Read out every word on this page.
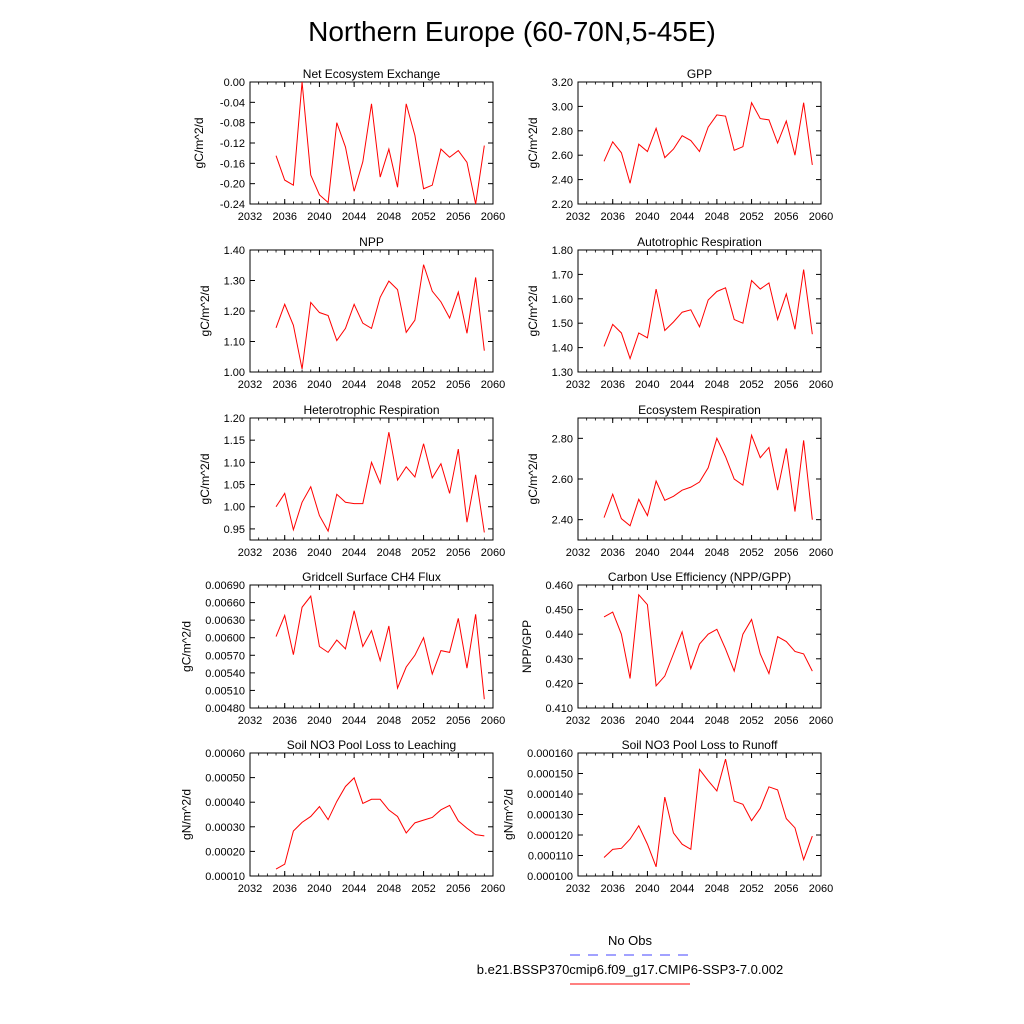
Northern Europe (60-70N,5-45E)
Net Ecosystem Exchange
2032 2036 2040 2044 2048 2052 2056 2060
0.00
-0.04
-0.08
-0.12
-0.16
-0.20
-0.24
gC/m^2/d
GPP
2032 2036 2040 2044 2048 2052 2056 2060
2.20
2.40
2.60
2.80
3.00
3.20
gC/m^2/d
NPP
2032 2036 2040 2044 2048 2052 2056 2060
1.00
1.10
1.20
1.30
1.40
gC/m^2/d
Autotrophic Respiration
2032 2036 2040 2044 2048 2052 2056 2060
1.30
1.40
1.50
1.60
1.70
1.80
gC/m^2/d
Heterotrophic Respiration
2032 2036 2040 2044 2048 2052 2056 2060
0.95
1.00
1.05
1.10
1.15
1.20
gC/m^2/d
Ecosystem Respiration
2032 2036 2040 2044 2048 2052 2056 2060
2.40
2.60
2.80
gC/m^2/d
Gridcell Surface CH4 Flux
2032 2036 2040 2044 2048 2052 2056 2060
0.00480
0.00510
0.00540
0.00570
0.00600
0.00630
0.00660
0.00690
gC/m^2/d
Carbon Use Efficiency (NPP/GPP)
2032 2036 2040 2044 2048 2052 2056 2060
0.410
0.420
0.430
0.440
0.450
0.460
NPP/GPP
Soil NO3 Pool Loss to Leaching
2032 2036 2040 2044 2048 2052 2056 2060
0.00010
0.00020
0.00030
0.00040
0.00050
0.00060
gN/m^2/d
Soil NO3 Pool Loss to Runoff
2032 2036 2040 2044 2048 2052 2056 2060
0.000100
0.000110
0.000120
0.000130
0.000140
0.000150
0.000160
gN/m^2/d
No Obs
b.e21.BSSP370cmip6.f09_g17.CMIP6-SSP3-7.0.002
